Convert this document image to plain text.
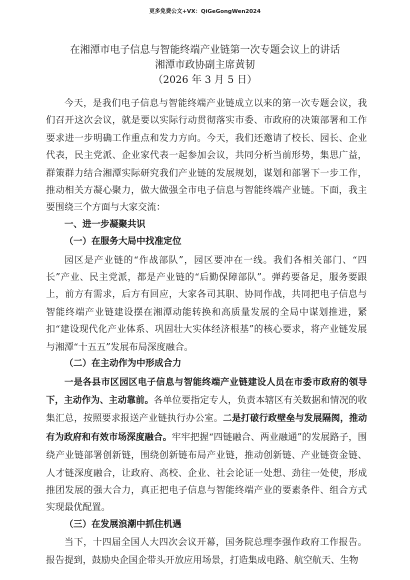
更多免费公文+VX：QiGeGongWen2024
在湘潭市电子信息与智能终端产业链第一次专题会议上的讲话
湘潭市政协副主席黄韧
（2026 年 3 月 5 日）

今天，是我们电子信息与智能终端产业链成立以来的第一次专题会议，我们召开这次会议，就是要以实际行动贯彻落实市委、市政府的决策部署和工作要求进一步明确工作重点和发力方向。今天，我们还邀请了校长、园长、企业代表，民主党派、企业家代表一起参加会议，共同分析当前形势，集思广益，群策群力结合湘潭实际研究我们产业链的发展规划，谋划和部署下一步工作，推动相关方凝心聚力，做大做强全市电子信息与智能终端产业链。下面，我主要围绕三个方面与大家交流：

一、进一步凝聚共识

（一）在服务大局中找准定位

园区是产业链的“作战部队”，园区要冲在一线。我们各相关部门、“四长”产业、民主党派，都是产业链的“后勤保障部队”。弹药要备足，服务要跟上，前方有需求，后方有回应，大家各司其职、协同作战，共同把电子信息与智能终端产业链建设摆在湘潭动能转换和高质量发展的全局中谋划推进，紧扣“建设现代化产业体系、巩固壮大实体经济根基”的核心要求，将产业链发展与湘潭“十五五”发展布局深度融合。

（二）在主动作为中形成合力

一是各县市区园区电子信息与智能终端产业链建设人员在市委市政府的领导下，主动作为、主动靠前。各单位要指定专人，负责本辖区有关数据和情况的收集汇总，按照要求报送产业链执行办公室。二是打破行政壁垒与发展隔阂，推动有为政府和有效市场深度融合。牢牢把握“四链融合、两业融通”的发展路子，围绕产业链部署创新链，围绕创新链布局产业链，推动创新链、产业链资金链、人才链深度融合，让政府、高校、企业、社会论证一处想、劲往一处使，形成推团发展的强大合力，真正把电子信息与智能终端产业的要素条件、组合方式实现最优配置。

（三）在发展浪潮中抓住机遇

当下，十四届全国人大四次会议开幕，国务院总理李强作政府工作报告。报告提到，鼓励央企国企带头开放应用场景，打造集成电路、航空航天、生物
